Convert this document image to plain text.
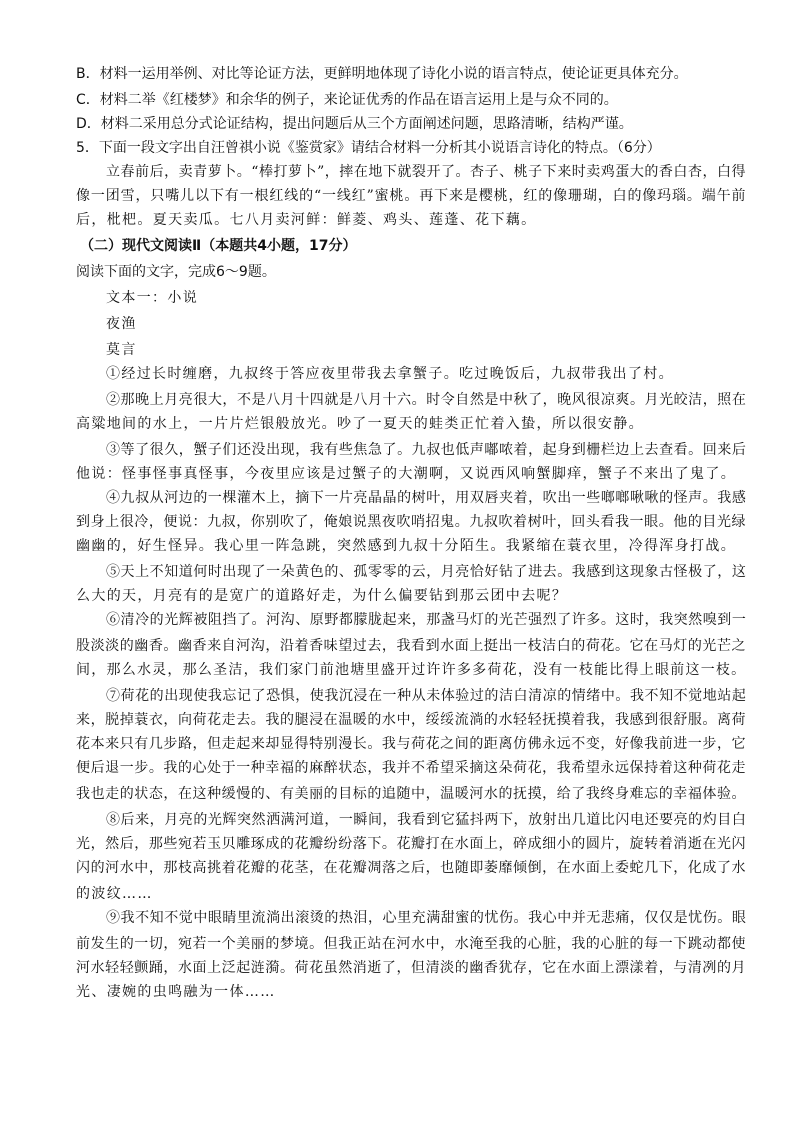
B．材料一运用举例、对比等论证方法，更鲜明地体现了诗化小说的语言特点，使论证更具体充分。
C．材料二举《红楼梦》和余华的例子，来论证优秀的作品在语言运用上是与众不同的。
D．材料二采用总分式论证结构，提出问题后从三个方面阐述问题，思路清晰，结构严谨。
5．下面一段文字出自汪曾祺小说《鉴赏家》请结合材料一分析其小说语言诗化的特点。（6分）
立春前后，卖青萝卜。“棒打萝卜”，摔在地下就裂开了。杏子、桃子下来时卖鸡蛋大的香白杏，白得
像一团雪，只嘴儿以下有一根红线的“一线红”蜜桃。再下来是樱桃，红的像珊瑚，白的像玛瑙。端午前
后，枇杷。夏天卖瓜。七八月卖河鲜：鲜菱、鸡头、莲蓬、花下藕。
（二）现代文阅读Ⅱ（本题共4小题，17分）
阅读下面的文字，完成6～9题。
文本一：小说
夜渔
莫言
①经过长时缠磨，九叔终于答应夜里带我去拿蟹子。吃过晚饭后，九叔带我出了村。
②那晚上月亮很大，不是八月十四就是八月十六。时令自然是中秋了，晚风很凉爽。月光皎洁，照在
高粱地间的水上，一片片烂银般放光。吵了一夏天的蛙类正忙着入蛰，所以很安静。
③等了很久，蟹子们还没出现，我有些焦急了。九叔也低声嘟哝着，起身到栅栏边上去查看。回来后
他说：怪事怪事真怪事，今夜里应该是过蟹子的大潮啊，又说西风响蟹脚痒，蟹子不来出了鬼了。
④九叔从河边的一棵灌木上，摘下一片亮晶晶的树叶，用双唇夹着，吹出一些啷啷啾啾的怪声。我感
到身上很冷，便说：九叔，你别吹了，俺娘说黑夜吹哨招鬼。九叔吹着树叶，回头看我一眼。他的目光绿
幽幽的，好生怪异。我心里一阵急跳，突然感到九叔十分陌生。我紧缩在蓑衣里，冷得浑身打战。
⑤天上不知道何时出现了一朵黄色的、孤零零的云，月亮恰好钻了进去。我感到这现象古怪极了，这
么大的天，月亮有的是宽广的道路好走，为什么偏要钻到那云团中去呢？
⑥清冷的光辉被阻挡了。河沟、原野都朦胧起来，那盏马灯的光芒强烈了许多。这时，我突然嗅到一
股淡淡的幽香。幽香来自河沟，沿着香味望过去，我看到水面上挺出一枝洁白的荷花。它在马灯的光芒之
间，那么水灵，那么圣洁，我们家门前池塘里盛开过许许多多荷花，没有一枝能比得上眼前这一枝。
⑦荷花的出现使我忘记了恐惧，使我沉浸在一种从未体验过的洁白清凉的情绪中。我不知不觉地站起
来，脱掉蓑衣，向荷花走去。我的腿浸在温暖的水中，绥绥流淌的水轻轻抚摸着我，我感到很舒服。离荷
花本来只有几步路，但走起来却显得特别漫长。我与荷花之间的距离仿佛永远不变，好像我前进一步，它
便后退一步。我的心处于一种幸福的麻醉状态，我并不希望采摘这朵荷花，我希望永远保持着这种荷花走
我也走的状态，在这种缓慢的、有美丽的目标的追随中，温暖河水的抚摸，给了我终身难忘的幸福体验。
⑧后来，月亮的光辉突然洒满河道，一瞬间，我看到它猛抖两下，放射出几道比闪电还要亮的灼目白
光，然后，那些宛若玉贝雕琢成的花瓣纷纷落下。花瓣打在水面上，碎成细小的圆片，旋转着消逝在光闪
闪的河水中，那枝高挑着花瓣的花茎，在花瓣凋落之后，也随即萎靡倾倒，在水面上委蛇几下，化成了水
的波纹……
⑨我不知不觉中眼睛里流淌出滚烫的热泪，心里充满甜蜜的忧伤。我心中并无悲痛，仅仅是忧伤。眼
前发生的一切，宛若一个美丽的梦境。但我正站在河水中，水淹至我的心脏，我的心脏的每一下跳动都使
河水轻轻颤踊，水面上泛起涟漪。荷花虽然消逝了，但清淡的幽香犹存，它在水面上漂漾着，与清冽的月
光、凄婉的虫鸣融为一体……
